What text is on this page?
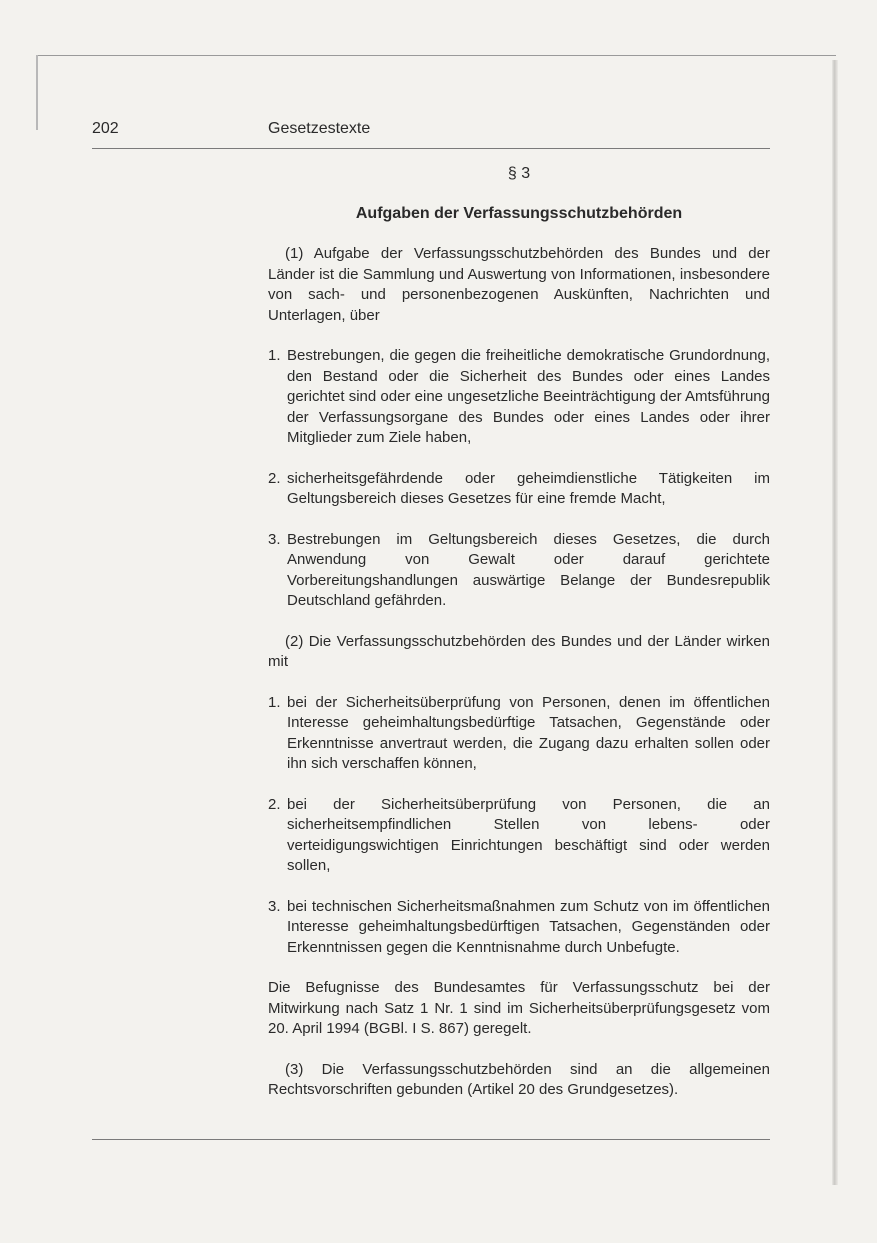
202	Gesetzestexte
§ 3
Aufgaben der Verfassungsschutzbehörden

(1) Aufgabe der Verfassungsschutzbehörden des Bundes und der Länder ist die Sammlung und Auswertung von Informationen, insbesondere von sach- und personenbezogenen Auskünften, Nachrichten und Unterlagen, über

1. Bestrebungen, die gegen die freiheitliche demokratische Grundordnung, den Bestand oder die Sicherheit des Bundes oder eines Landes gerichtet sind oder eine ungesetzliche Beeinträchtigung der Amtsführung der Verfassungsorgane des Bundes oder eines Landes oder ihrer Mitglieder zum Ziele haben,
2. sicherheitsgefährdende oder geheimdienstliche Tätigkeiten im Geltungsbereich dieses Gesetzes für eine fremde Macht,
3. Bestrebungen im Geltungsbereich dieses Gesetzes, die durch Anwendung von Gewalt oder darauf gerichtete Vorbereitungshandlungen auswärtige Belange der Bundesrepublik Deutschland gefährden.

(2) Die Verfassungsschutzbehörden des Bundes und der Länder wirken mit

1. bei der Sicherheitsüberprüfung von Personen, denen im öffentlichen Interesse geheimhaltungsbedürftige Tatsachen, Gegenstände oder Erkenntnisse anvertraut werden, die Zugang dazu erhalten sollen oder ihn sich verschaffen können,
2. bei der Sicherheitsüberprüfung von Personen, die an sicherheitsempfindlichen Stellen von lebens- oder verteidigungswichtigen Einrichtungen beschäftigt sind oder werden sollen,
3. bei technischen Sicherheitsmaßnahmen zum Schutz von im öffentlichen Interesse geheimhaltungsbedürftigen Tatsachen, Gegenständen oder Erkenntnissen gegen die Kenntnisnahme durch Unbefugte.

Die Befugnisse des Bundesamtes für Verfassungsschutz bei der Mitwirkung nach Satz 1 Nr. 1 sind im Sicherheitsüberprüfungsgesetz vom 20. April 1994 (BGBl. I S. 867) geregelt.

(3) Die Verfassungsschutzbehörden sind an die allgemeinen Rechtsvorschriften gebunden (Artikel 20 des Grundgesetzes).
